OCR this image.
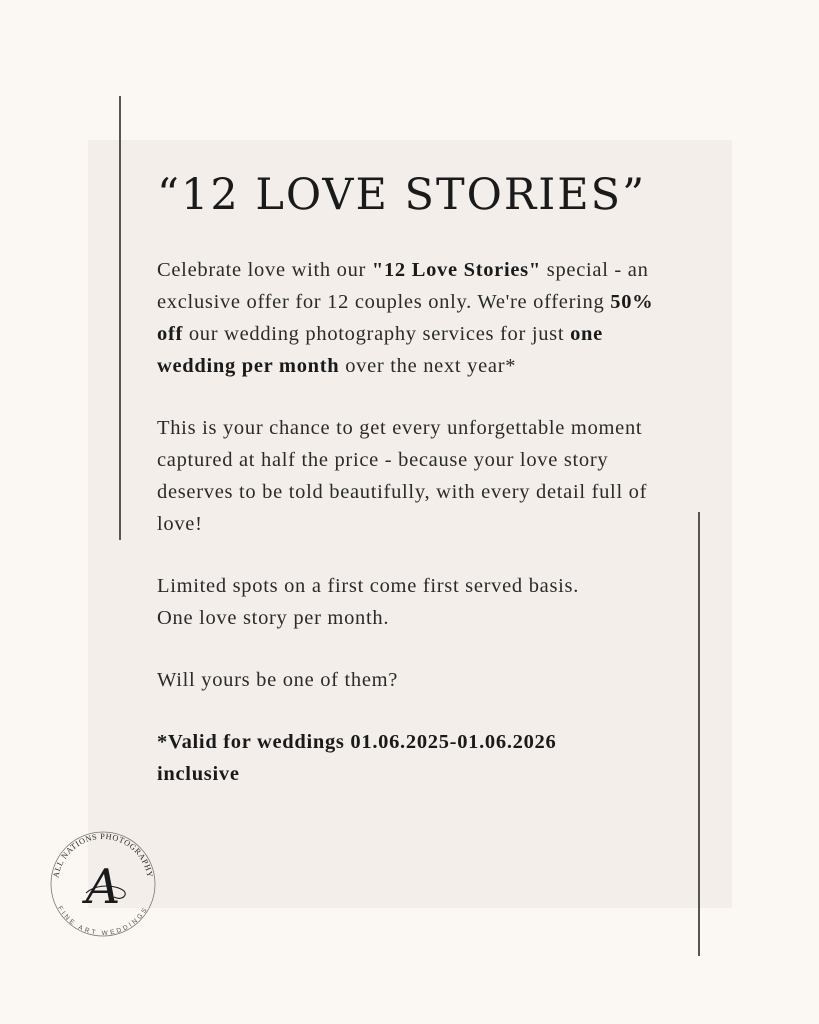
“12 LOVE STORIES”

Celebrate love with our "12 Love Stories" special - an exclusive offer for 12 couples only. We're offering 50% off our wedding photography services for just one wedding per month over the next year*

This is your chance to get every unforgettable moment captured at half the price - because your love story deserves to be told beautifully, with every detail full of love!

Limited spots on a first come first served basis.
One love story per month.

Will yours be one of them?

*Valid for weddings 01.06.2025-01.06.2026
inclusive

ALL NATIONS PHOTOGRAPHY
FINE ART WEDDINGS
A
